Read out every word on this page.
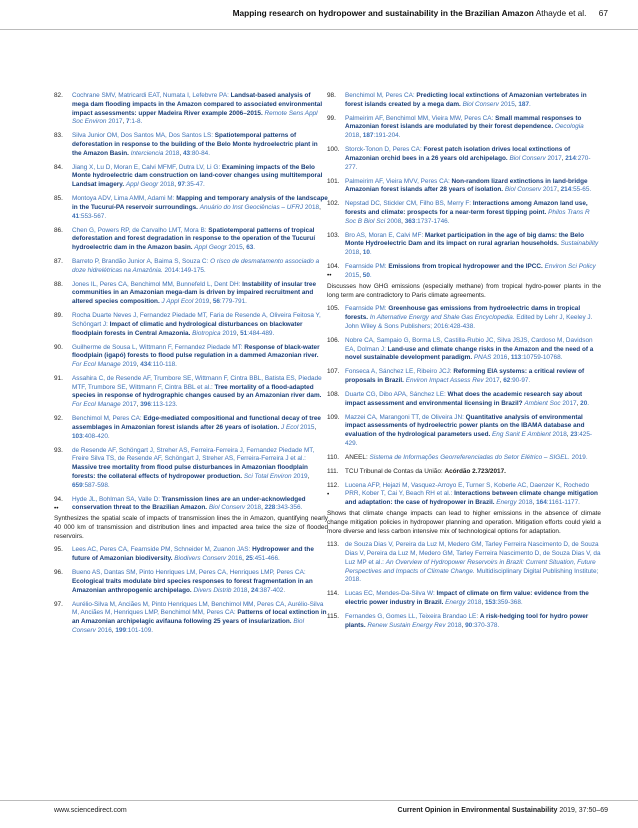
Mapping research on hydropower and sustainability in the Brazilian Amazon Athayde et al. 67
82. Cochrane SMV, Matricardi EAT, Numata I, Lefebvre PA: Landsat-based analysis of mega dam flooding impacts in the Amazon compared to associated environmental impact assessments: upper Madeira River example 2006–2015. Remote Sens Appl Soc Environ 2017, 7:1-8.
83. Silva Junior OM, Dos Santos MA, Dos Santos LS: Spatiotemporal patterns of deforestation in response to the building of the Belo Monte hydroelectric plant in the Amazon Basin. Interciencia 2018, 43:80-84.
84. Jiang X, Lu D, Moran E, Calvi MFMF, Dutra LV, Li G: Examining impacts of the Belo Monte hydroelectric dam construction on land-cover changes using multitemporal Landsat imagery. Appl Geogr 2018, 97:35-47.
85. Montoya ADV, Lima AMM, Adami M: Mapping and temporary analysis of the landscape in the Tucuruí-PA reservoir surroundings. Anuário do Inst Geociências – UFRJ 2018, 41:553-567.
86. Chen G, Powers RP, de Carvalho LMT, Mora B: Spatiotemporal patterns of tropical deforestation and forest degradation in response to the operation of the Tucuruí hydroelectric dam in the Amazon basin. Appl Geogr 2015, 63.
87. Barreto P, Brandão Junior A, Baima S, Souza C: O risco de desmatamento associado a doze hidrelétricas na Amazônia. 2014:149-175.
88. Jones IL, Peres CA, Benchimol MM, Bunnefeld L, Dent DH: Instability of insular tree communities in an Amazonian mega-dam is driven by impaired recruitment and altered species composition. J Appl Ecol 2019, 56:779-791.
89. Rocha Duarte Neves J, Fernandez Piedade MT, Faria de Resende A, Oliveira Feitosa Y, Schöngart J: Impact of climatic and hydrological disturbances on blackwater floodplain forests in Central Amazonia. Biotropica 2019, 51:484-489.
90. Guilherme de Sousa L, Wittmann F, Fernandez Piedade MT: Response of black-water floodplain (igapó) forests to flood pulse regulation in a dammed Amazonian river. For Ecol Manage 2019, 434:110-118.
91. Assahira C, de Resende AF, Trumbore SE, Wittmann F, Cintra BBL, Batista ES, Piedade MTF, Trumbore SE, Wittmann F, Cintra BBL et al.: Tree mortality of a flood-adapted species in response of hydrographic changes caused by an Amazonian river dam. For Ecol Manage 2017, 396:113-123.
92. Benchimol M, Peres CA: Edge-mediated compositional and functional decay of tree assemblages in Amazonian forest islands after 26 years of isolation. J Ecol 2015, 103:408-420.
93. de Resende AF, Schöngart J, Streher AS, Ferreira-Ferreira J, Fernandez Piedade MT, Freire Silva TS, de Resende AF, Schöngart J, Streher AS, Ferreira-Ferreira J et al.: Massive tree mortality from flood pulse disturbances in Amazonian floodplain forests: the collateral effects of hydropower production. Sci Total Environ 2019, 659:587-598.
94.
••
Hyde JL, Bohlman SA, Valle D: Transmission lines are an under-acknowledged conservation threat to the Brazilian Amazon. Biol Conserv 2018, 228:343-356.
Synthesizes the spatial scale of impacts of transmission lines the in Amazon, quantifying nearly 40 000 km of transmission and distribution lines and impacted area twice the size of flooded reservoirs.
95. Lees AC, Peres CA, Fearnside PM, Schneider M, Zuanon JAS: Hydropower and the future of Amazonian biodiversity. Biodivers Conserv 2016, 25:451-466.
96. Bueno AS, Dantas SM, Pinto Henriques LM, Peres CA, Henriques LMP, Peres CA: Ecological traits modulate bird species responses to forest fragmentation in an Amazonian anthropogenic archipelago. Divers Distrib 2018, 24:387-402.
97. Aurélio-Silva M, Anciães M, Pinto Henriques LM, Benchimol MM, Peres CA, Aurélio-Silva M, Anciães M, Henriques LMP, Benchimol MM, Peres CA: Patterns of local extinction in an Amazonian archipelagic avifauna following 25 years of insularization. Biol Conserv 2016, 199:101-109.
98. Benchimol M, Peres CA: Predicting local extinctions of Amazonian vertebrates in forest islands created by a mega dam. Biol Conserv 2015, 187.
99. Palmeirim AF, Benchimol MM, Vieira MW, Peres CA: Small mammal responses to Amazonian forest islands are modulated by their forest dependence. Oecologia 2018, 187:191-204.
100. Storck-Tonon D, Peres CA: Forest patch isolation drives local extinctions of Amazonian orchid bees in a 26 years old archipelago. Biol Conserv 2017, 214:270-277.
101. Palmeirim AF, Vieira MVV, Peres CA: Non-random lizard extinctions in land-bridge Amazonian forest islands after 28 years of isolation. Biol Conserv 2017, 214:55-65.
102. Nepstad DC, Stickler CM, Filho BS, Merry F: Interactions among Amazon land use, forests and climate: prospects for a near-term forest tipping point. Philos Trans R Soc B Biol Sci 2008, 363:1737-1746.
103. Bro AS, Moran E, Calvi MF: Market participation in the age of big dams: the Belo Monte Hydroelectric Dam and its impact on rural agrarian households. Sustainability 2018, 10.
104.
••
Fearnside PM: Emissions from tropical hydropower and the IPCC. Environ Sci Policy 2015, 50.
Discusses how GHG emissions (especially methane) from tropical hydro-power plants in the long term are contradictory to Paris climate agreements.
105. Fearnside PM: Greenhouse gas emissions from hydroelectric dams in tropical forests. In Alternative Energy and Shale Gas Encyclopedia. Edited by Lehr J, Keeley J. John Wiley & Sons Publishers; 2016:428-438.
106. Nobre CA, Sampaio G, Borma LS, Castilla-Rubio JC, Silva JSJS, Cardoso M, Davidson EA, Dolman J: Land-use and climate change risks in the Amazon and the need of a novel sustainable development paradigm. PNAS 2016, 113:10759-10768.
107. Fonseca A, Sánchez LE, Ribeiro JCJ: Reforming EIA systems: a critical review of proposals in Brazil. Environ Impact Assess Rev 2017, 62:90-97.
108. Duarte CG, Dibo APA, Sánchez LE: What does the academic research say about impact assessment and environmental licensing in Brazil? Ambient Soc 2017, 20.
109. Mazzei CA, Marangoni TT, de Oliveira JN: Quantitative analysis of environmental impact assessments of hydroelectric power plants on the IBAMA database and evaluation of the hydrological parameters used. Eng Sanit E Ambient 2018, 23:425-429.
110. ANEEL: Sistema de Informações Georreferenciadas do Setor Elétrico – SIGEL. 2019.
111. TCU Tribunal de Contas da União: Acórdão 2.723/2017.
112.
•
Lucena AFP, Hejazi M, Vasquez-Arroyo E, Turner S, Koberle AC, Daenzer K, Rochedo PRR, Kober T, Cai Y, Beach RH et al.: Interactions between climate change mitigation and adaptation: the case of hydropower in Brazil. Energy 2018, 164:1161-1177.
Shows that climate change impacts can lead to higher emissions in the absence of climate change mitigation policies in hydropower planning and operation. Mitigation efforts could yield a more diverse and less carbon intensive mix of technological options for adaptation.
113. de Souza Dias V, Pereira da Luz M, Medero GM, Tarley Ferreira Nascimento D, de Souza Dias V, Pereira da Luz M, Medero GM, Tarley Ferreira Nascimento D, de Souza Dias V, da Luz MP et al.: An Overview of Hydropower Reservoirs in Brazil: Current Situation, Future Perspectives and Impacts of Climate Change. Multidisciplinary Digital Publishing Institute; 2018.
114. Lucas EC, Mendes-Da-Silva W: Impact of climate on firm value: evidence from the electric power industry in Brazil. Energy 2018, 153:359-368.
115. Fernandes G, Gomes LL, Teixeira Brandao LE: A risk-hedging tool for hydro power plants. Renew Sustain Energy Rev 2018, 90:370-378.
www.sciencedirect.com	Current Opinion in Environmental Sustainability 2019, 37:50–69
